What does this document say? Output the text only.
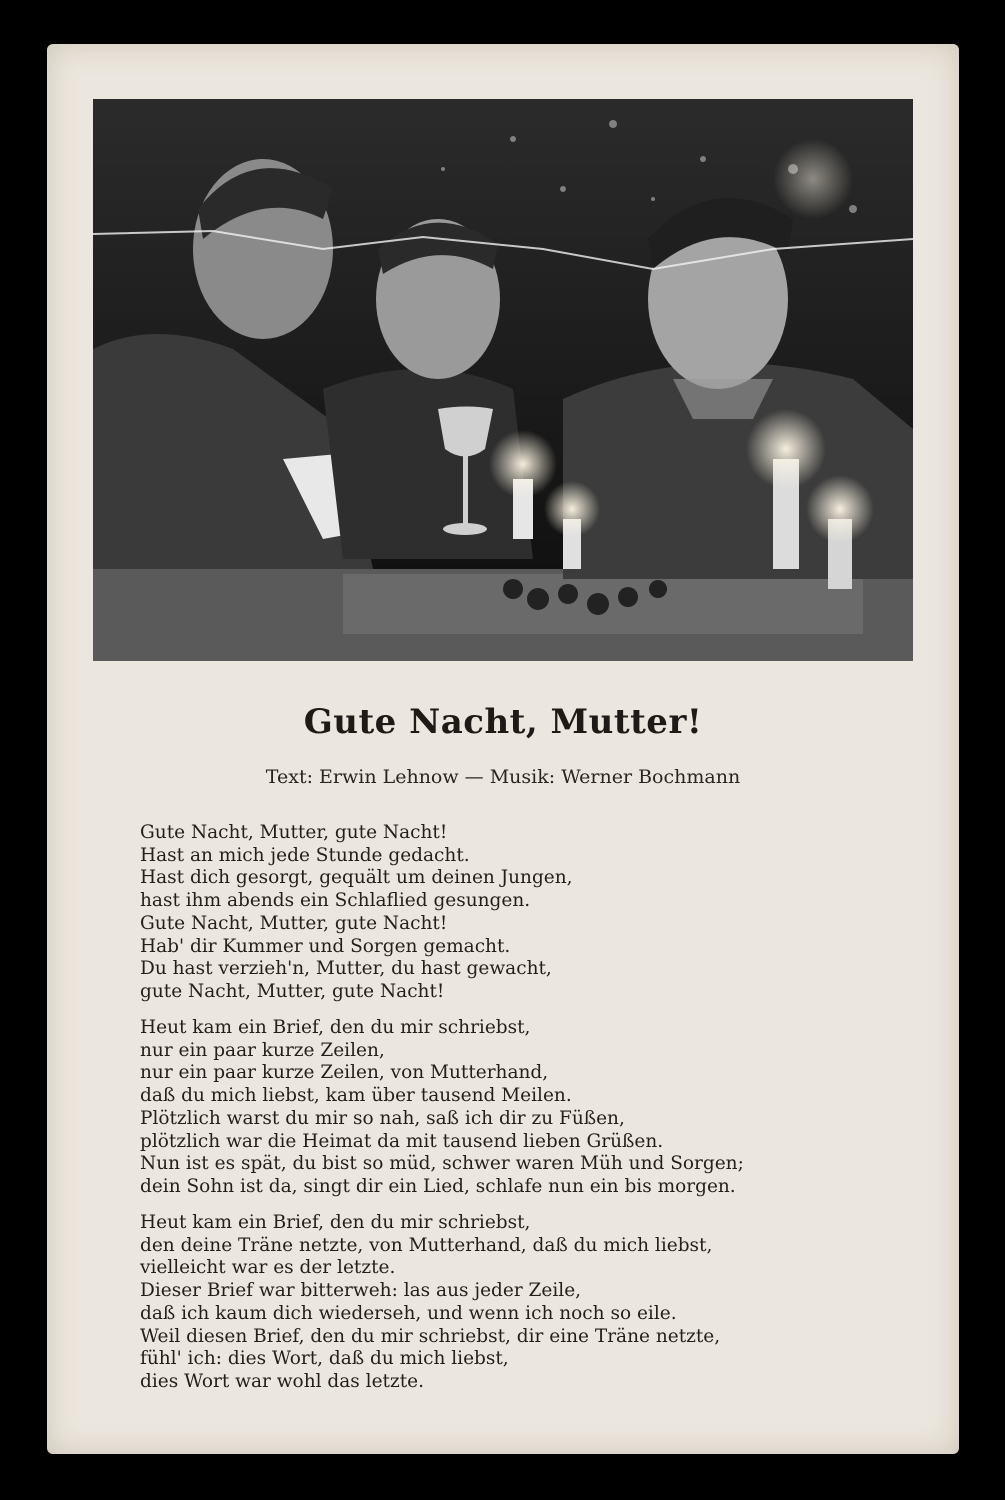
Gute Nacht, Mutter!
Text: Erwin Lehnow — Musik: Werner Bochmann
Gute Nacht, Mutter, gute Nacht!
Hast an mich jede Stunde gedacht.
Hast dich gesorgt, gequält um deinen Jungen,
hast ihm abends ein Schlaflied gesungen.
Gute Nacht, Mutter, gute Nacht!
Hab' dir Kummer und Sorgen gemacht.
Du hast verzieh'n, Mutter, du hast gewacht,
gute Nacht, Mutter, gute Nacht!
Heut kam ein Brief, den du mir schriebst,
nur ein paar kurze Zeilen,
nur ein paar kurze Zeilen, von Mutterhand,
daß du mich liebst, kam über tausend Meilen.
Plötzlich warst du mir so nah, saß ich dir zu Füßen,
plötzlich war die Heimat da mit tausend lieben Grüßen.
Nun ist es spät, du bist so müd, schwer waren Müh und Sorgen;
dein Sohn ist da, singt dir ein Lied, schlafe nun ein bis morgen.
Heut kam ein Brief, den du mir schriebst,
den deine Träne netzte, von Mutterhand, daß du mich liebst,
vielleicht war es der letzte.
Dieser Brief war bitterweh: las aus jeder Zeile,
daß ich kaum dich wiederseh, und wenn ich noch so eile.
Weil diesen Brief, den du mir schriebst, dir eine Träne netzte,
fühl' ich: dies Wort, daß du mich liebst,
dies Wort war wohl das letzte.
